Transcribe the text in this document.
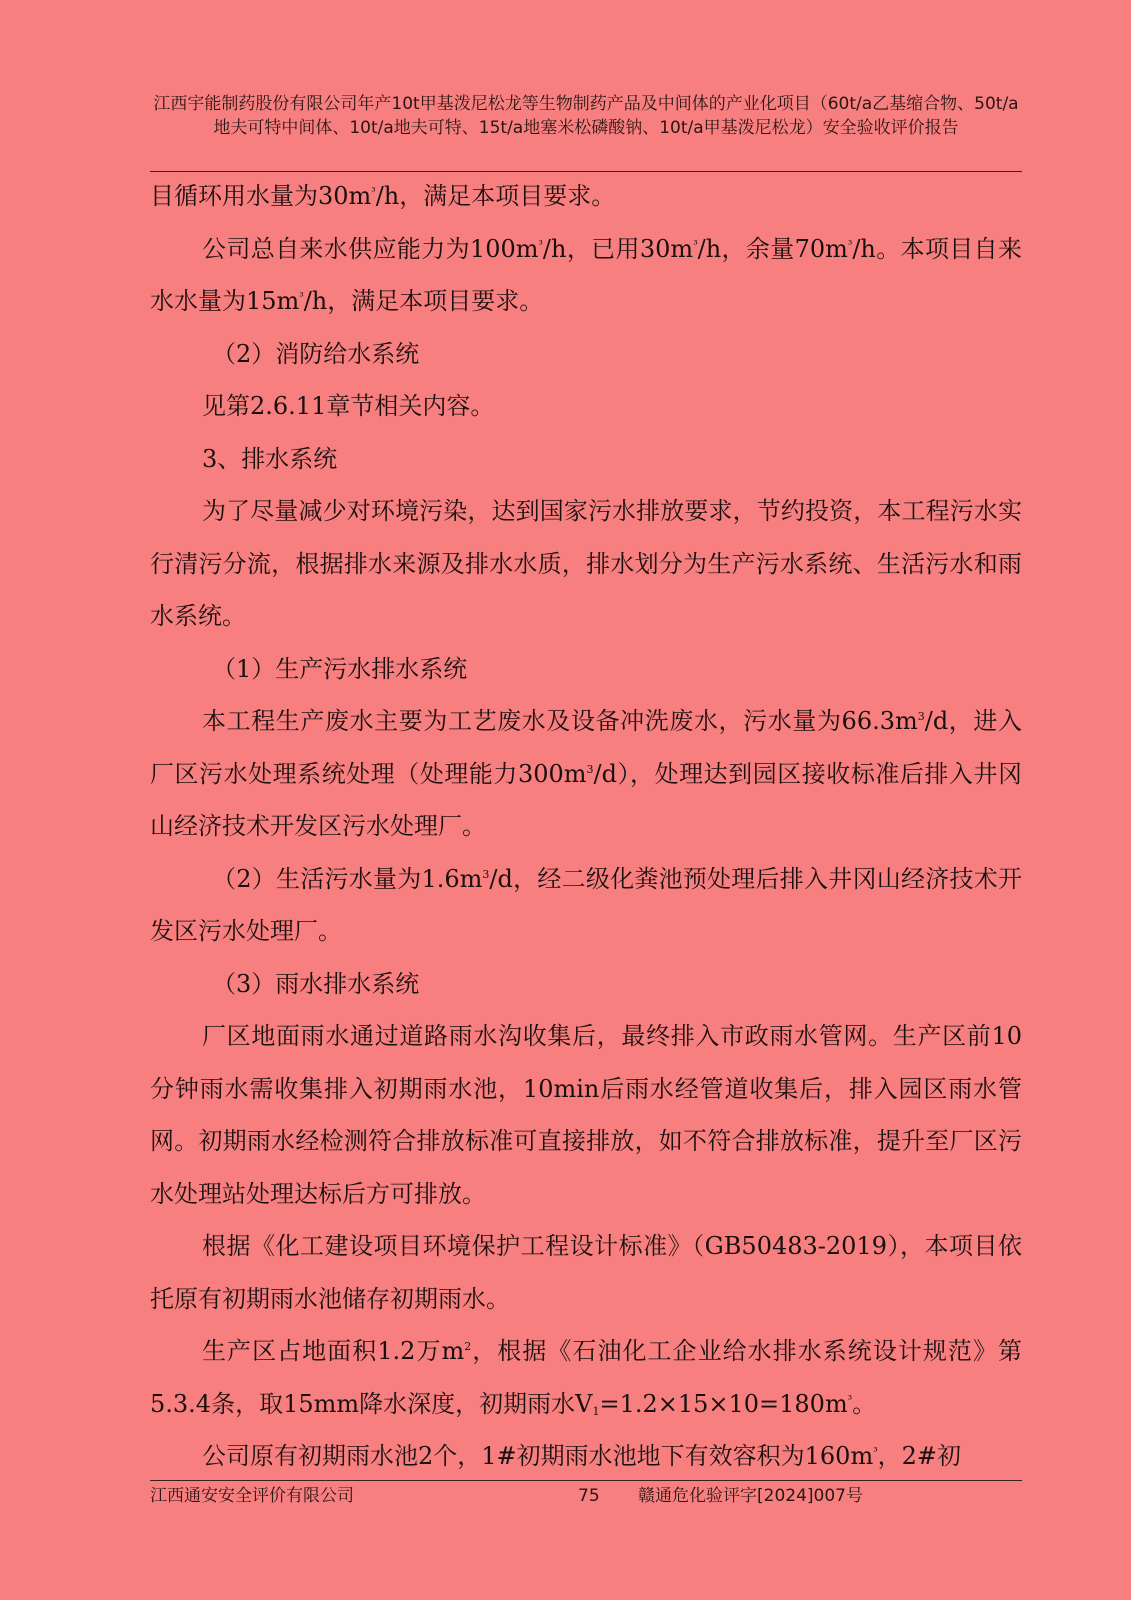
江西宇能制药股份有限公司年产10t甲基泼尼松龙等生物制药产品及中间体的产业化项目（60t/a乙基缩合物、50t/a地夫可特中间体、10t/a地夫可特、15t/a地塞米松磷酸钠、10t/a甲基泼尼松龙）安全验收评价报告

目循环用水量为$30m^{^3}/h$，满足本项目要求。

公司总自来水供应能力为$100m^{^3}/h$，已用$30m^{^3}/h$，余量$70m^{^3}/h$。本项目自来水水量为$15m^{^3}/h$，满足本项目要求。

（2）消防给水系统

见第2.6.11章节相关内容。

3、排水系统

为了尽量减少对环境污染，达到国家污水排放要求，节约投资，本工程污水实行清污分流，根据排水来源及排水水质，排水划分为生产污水系统、生活污水和雨水系统。

（1）生产污水排水系统

本工程生产废水主要为工艺废水及设备冲洗废水，污水量为$66.3m^3/d$，进入厂区污水处理系统处理（处理能力$300m^3/d$），处理达到园区接收标准后排入井冈山经济技术开发区污水处理厂。

（2）生活污水量为$1.6m^3/d$，经二级化粪池预处理后排入井冈山经济技术开发区污水处理厂。

（3）雨水排水系统

厂区地面雨水通过道路雨水沟收集后，最终排入市政雨水管网。生产区前10分钟雨水需收集排入初期雨水池，10min后雨水经管道收集后，排入园区雨水管网。初期雨水经检测符合排放标准可直接排放，如不符合排放标准，提升至厂区污水处理站处理达标后方可排放。

根据《化工建设项目环境保护工程设计标准》（GB50483-2019），本项目依托原有初期雨水池储存初期雨水。

生产区占地面积1.2万$m^2$，根据《石油化工企业给水排水系统设计规范》第5.3.4条，取15mm降水深度，初期雨水$V_1=1.2\times 15\times 10=180m^{^3}$。

公司原有初期雨水池2个，1#初期雨水池地下有效容积为$160m^{^3}$，2#初

江西通安安全评价有限公司	75 赣通危化验评字[2024]007号
